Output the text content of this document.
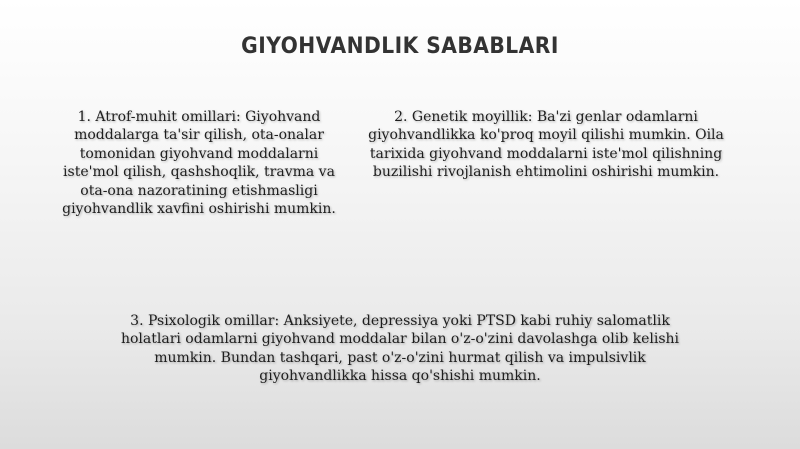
GIYOHVANDLIK SABABLARI
1. Atrof-muhit omillari: Giyohvand moddalarga ta'sir qilish, ota-onalar tomonidan giyohvand moddalarni iste'mol qilish, qashshoqlik, travma va ota-ona nazoratining etishmasligi giyohvandlik xavfini oshirishi mumkin.
2. Genetik moyillik: Ba'zi genlar odamlarni giyohvandlikka ko'proq moyil qilishi mumkin. Oila tarixida giyohvand moddalarni iste'mol qilishning buzilishi rivojlanish ehtimolini oshirishi mumkin.
3. Psixologik omillar: Anksiyete, depressiya yoki PTSD kabi ruhiy salomatlik holatlari odamlarni giyohvand moddalar bilan o'z-o'zini davolashga olib kelishi mumkin. Bundan tashqari, past o'z-o'zini hurmat qilish va impulsivlik giyohvandlikka hissa qo'shishi mumkin.
